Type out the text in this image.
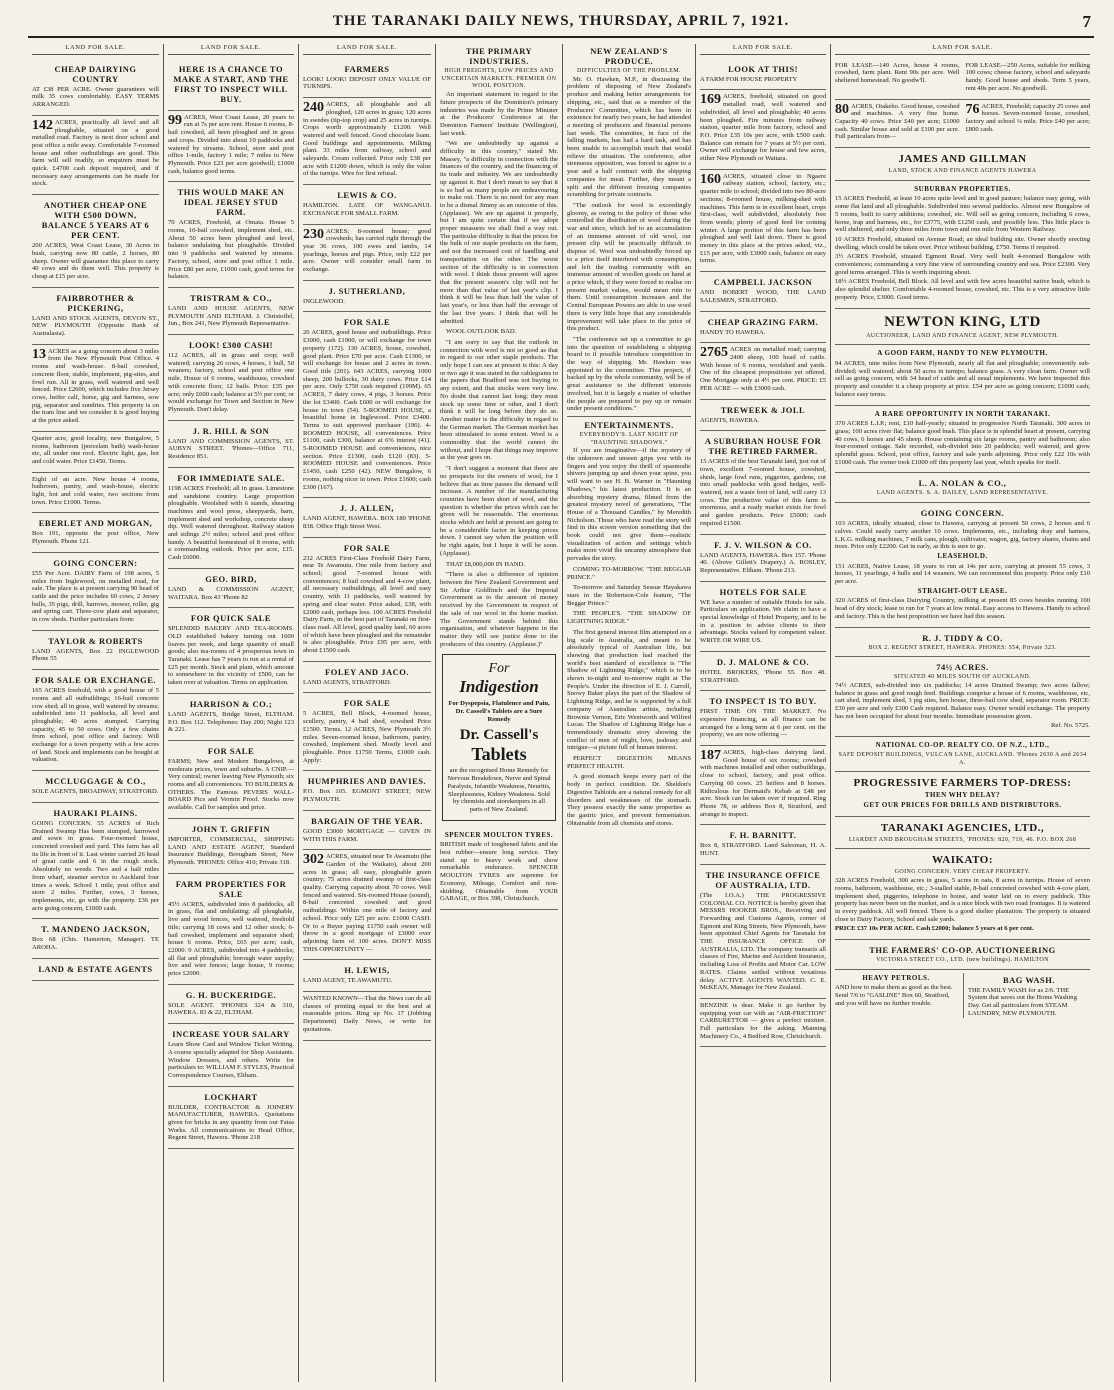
THE TARANAKI DAILY NEWS, THURSDAY, APRIL 7, 1921.	7
LAND FOR SALE.
CHEAP DAIRYING COUNTRY

AT £38 PER ACRE. Owner guarantees will milk 35 cows comfortably. EASY TERMS ARRANGED.

142 ACRES, practically all level and all ploughable, situated on a good metalled road. Factory is next door school and post office a mile away. Comfortable 7-roomed house and other outbuildings are good. This farm will sell readily, so enquirers must be quick. £4700 cash deposit required, and if necessary easy arrangements can be made for stock.

ANOTHER CHEAP ONE WITH £500 DOWN, BALANCE 5 YEARS AT 6 PER CENT.

200 ACRES, West Coast Lease, 30 Acres in bush, carrying now 80 cattle, 2 horses, 80 sheep. Owner will guarantee this place to carry 40 cows and do them well. This property is cheap at £15 per acre.

FAIRBROTHER & PICKERING,

LAND AND STOCK AGENTS, DEVON ST., NEW PLYMOUTH (Opposite Bank of Australasia).

13 ACRES as a going concern about 3 miles from the New Plymouth Post Office. 4 rooms and wash-house. 8-bail cowshed, concrete floor, stable, implement, pig-sties, and fowl run. All in grass, well watered and well fenced. Price £2600, which includes five Jersey cows, heifer calf, horse, gig and harness, sow pig, separator and sundries. This property is on the tram line and we consider it is good buying at the price asked.

Quarter acre, good locality, new Bungalow, 5 rooms, bathroom (porcelain bath) wash-house etc, all under one roof. Electric light, gas, hot and cold water. Price £1450. Terms.

Eight of an acre. New house 4 rooms, bathroom, pantry, and wash-house, electric light, hot and cold water, two sections from town. Price £1000. Terms.

EBERLET AND MORGAN,

Box 191, opposite the post office, New Plymouth. Phone 121.

GOING CONCERN:

£55 Per Acre. DAIRY Farm of 198 acres, 5 miles from Inglewood, on metalled road, for sale. The place is at present carrying 90 head of cattle and the price includes 60 cows, 2 Jersey bulls, 35 pigs, drill, harrows, mower, roller, gig and spring cart. Three-cow plant and separator, in cow sheds. Further particulars from:

TAYLOR & ROBERTS

LAND AGENTS, Box 22 INGLEWOOD Phone 55

FOR SALE OR EXCHANGE.

165 ACRES freehold, with a good house of 5 rooms and all outbuildings; 16-bail concrete cow shed; all in grass, well watered by streams; subdivided into 11 paddocks, all level and ploughable; 40 acres stumped. Carrying capacity, 45 to 50 cows. Only a few chains from school, post office and factory. Will exchange for a town property with a few acres of land. Stock and implements can be bought at valuation.

MCCLUGGAGE & CO.,

SOLE AGENTS, BROADWAY, STRATFORD.

HAURAKI PLAINS.

GOING CONCERN. 55 ACRES of Rich Drained Swamp Has been stumped, harrowed and sown in grass. Four-roomed house, concreted cowshed and yard. This farm has all its life in front of it. Last winter carried 26 head of great cattle and 6 in the rough stock. Absolutely no weeds. Two and a half miles from wharf, steamer service to Auckland four times a week. School 1 mile, post office and store 2 miles. Further, cows, 3 horses, implements, etc, go with the property. £36 per acre going concern, £1000 cash.

T. MANDENO JACKSON,

Box 68 (Chis. Hamerton, Manager). TE AROHA.

LAND & ESTATE AGENTS

LAND FOR SALE.
HERE IS A CHANCE TO MAKE A START, AND THE FIRST TO INSPECT WILL BUY.

99 ACRES, West Coast Lease, 20 years to run at 7s per acre rent. House 6 rooms, 8-bail cowshed, all been ploughed and in grass and crops. Divided into about 10 paddocks and watered by streams. School, store and post office 1-mile, factory 1 mile; 7 miles to New Plymouth. Price £23 per acre goodwill; £1000 cash, balance good terms.

THIS WOULD MAKE AN IDEAL JERSEY STUD FARM.

70 ACRES, Freehold, at Omata. House 5 rooms, 10-bail cowshed, implement shed, etc. About 50 acres been ploughed and level, balance undulating but ploughable. Divided into 9 paddocks and watered by streams. Factory, school, store and post office 1 mile. Price £80 per acre, £1000 cash, good terms for balance.

TRISTRAM & CO.,

LAND AND HOUSE AGENTS, NEW PLYMOUTH AND ELTHAM. J. Christoffel, Jun., Box 241, New Plymouth Representative.

LOOK! £300 CASH!

112 ACRES, all in grass and crop; well watered; carrying 26 cows, 4 horses, 1 bull, 50 weaners; factory, school and post office one mile. House of 6 rooms, washhouse, cowshed with concrete floor, 12 bails. Price: £35 per acre; only £600 cash; balance at 5½ per cent; or would exchange for Town and Section in New Plymouth. Don't delay.

J. R. HILL & SON

LAND AND COMMISSION AGENTS, ST. AUBYN STREET. 'Phones—Office 711, Residence 851.

FOR IMMEDIATE SALE.

1198 ACRES Freehold; all in grass. Limestone and sandstone country. Large proportion ploughable. Woolshed with 6 stands, shearing machines and wool press, sheepyards, barn, implement shed and workshop, concrete sheep dip. Well watered throughout. Railway station and sidings 2½ miles; school and post office handy. A beautiful homestead of 8 rooms, with a commanding outlook. Price per acre, £15. Cash £6000.

GEO. BIRD,

LAND & COMMISSION AGENT, WAITARA. Box 43 'Phone 82

FOR QUICK SALE

SPLENDID BAKERY AND TEA-ROOMS. OLD established bakery turning out 1600 loaves per week, and large quantity of small goods; also tea-rooms of 4 prosperous town in Taranaki. Lease has 7 years to run at a rental of £25 per month. Stock and plant, which amount to somewhere in the vicinity of £500, can be taken over at valuation. Terms on application.

HARRISON & CO.;

LAND AGENTS, Bridge Street, ELTHAM. P.O. Box 112. Telephones: Day 200; Night 123 & 221.

FOR SALE

FARMS; New and Modern Bungalows, at moderate prices, town and suburbs. A CNIP.—Very central; owner leaving New Plymouth; six rooms and all conveniences. TO BUILDERS & OTHERS. The Famous PEVERS WALL-BOARD Pics and Vermin Proof. Stocks now available. Call for samples and price.

JOHN T. GRIFFIN

IMPORTER, COMMERCIAL, SHIPPING LAND AND ESTATE AGENT, Standard Insurance Buildings, Brougham Street, New Plymouth. 'PHONES: Office 410; Private 318.

FARM PROPERTIES FOR SALE

45½ ACRES, subdivided into 8 paddocks, all in grass, flat and undulating; all ploughable, live and wood fences, well watered, freehold title; carrying 18 cows and 12 other stock; 6-bail cowshed, implement and separator shed; house 6 rooms. Price, £65 per acre; cash, £2000. 9 ACRES, subdivided into 4 paddocks; all flat and ploughable; borough water supply; live and wire fences; large house, 9 rooms; price £2000.

G. H. BUCKERIDGE.

SOLE AGENT. 'PHONES 324 & 310, HAWERA. 83 & 22, ELTHAM.

INCREASE YOUR SALARY

Learn Show Card and Window Ticket Writing. A course specially adapted for Shop Assistants. Window Dressers, and others. Write for particulars to: WILLIAM F. STYLES, Practical Correspondence Courses, Eltham.

LOCKHART

BUILDER, CONTRACTOR & JOINERY MANUFACTURER, HAWERA. Quotations given for bricks in any quantity from our Fatsa Works. All communications to Head Office, Regent Street, Hawera. 'Phone 218

LAND FOR SALE.
FARMERS

LOOK! LOOK! DEPOSIT ONLY VALUE OF TURNIPS.

240 ACRES, all ploughable and all ploughed, 120 acres in grass; 120 acres in swedes (tip-top crop) and 25 acres in turnips. Crops worth approximately £1200. Well watered and well fenced. Good chocolate loam. Good buildings and appointments. Milking plant. 33 miles from railway, school and saleyards. Cream collected. Price only £38 per acre with £1200 down, which is only the value of the turnips. Wire for first refusal.

LEWIS & CO.

HAMILTON. LATE OF WANGANUI. EXCHANGE FOR SMALL FARM.

230 ACRES; 8-roomed house; good cowsheds; has carried right through the year 36 cows, 100 ewes and lambs, 14 yearlings, horses and pigs. Price, only £22 per acre. Owner will consider small farm in exchange.

J. SUTHERLAND,

INGLEWOOD.

FOR SALE

26 ACRES, good house and outbuildings. Price £3000, cash £1900, or will exchange for town property (172). 130 ACRES, house, cowshed, good plant. Price £70 per acre. Cash £1300, or will exchange for house and 2 acres in town. Good title (201). 643 ACRES, carrying 1000 sheep, 200 bullocks, 30 dairy cows. Price £14 per acre. Only £750 cash required (199M). 65 ACRES, 7 dairy cows, 4 pigs, 3 horses. Price the lot £3400. Cash £600 or will exchange for house in town (54). 5-ROOMED HOUSE, a beautiful home in Inglewood. Price £3400. Terms to suit approved purchaser (196). 4-ROOMED HOUSE, all conveniences. Price £1100, cash £300, balance at 6% interest (41). 5-ROOMED HOUSE and conveniences, nice section. Price £1300, cash £120 (83). 5-ROOMED HOUSE and conveniences. Price £1450, cash £250 (42). NEW Bungalow, 6 rooms, nothing nicer in town. Price £1600; cash £300 (167).

J. J. ALLEN,

LAND AGENT, HAWERA. BOX 180 'PHONE 838. Office High Street West.

FOR SALE

232 ACRES First-Class Freehold Dairy Farm, near Te Awamutu. One mile from factory and school; good 7-roomed house with conveniences; 8 bail cowshed and 4-cow plant, all necessary outbuildings, all level and easy country, with 11 paddocks, well watered by spring and clear water. Price asked, £38, with £2000 cash, perhaps less. 100 ACRES Freehold Dairy Farm, in the best part of Taranaki on first-class road. All level, good quality land, 60 acres of which have been ploughed and the remainder is also ploughable. Price £95 per acre, with about £1500 cash.

FOLEY AND JACO.

LAND AGENTS, STRATFORD.

FOR SALE

5 ACRES, Bell Block, 4-roomed house, scullery, pantry, 4 bail shed, cowshed Price £1500. Terms. 12 ACRES, New Plymouth 3½ miles. Seven-roomed house, bathroom, pantry, cowshed, implement shed. Mostly level and ploughable. Price £1750 Terms, £1000 cash. Apply:

HUMPHRIES AND DAVIES.

P.O. Box 105. EGMONT STREET, NEW PLYMOUTH.

BARGAIN OF THE YEAR.

GOOD £3000 MORTGAGE — GIVEN IN WITH THIS FARM.

302 ACRES, situated near Te Awamutu (the Garden of the Waikato), about 200 acres in grass; all easy, ploughable green country; 75 acres drained swamp of first-class quality. Carrying capacity about 70 cows. Well fenced and watered. Six-roomed House (sound), 8-bail concreted cowshed and good outbuildings. Within one mile of factory and school. Price only £25 per acre. £1000 CASH. Or to a Buyer paying £1750 cash owner will throw in a good mortgage of £3000 over adjoining farm of 100 acres. DON'T MISS THIS OPPORTUNITY —

H. LEWIS,

LAND AGENT, TE AWAMUTU.

WANTED KNOWN—That the News can do all classes of printing equal to the best and at reasonable prices. Ring up No. 17 (Jobbing Department) Daily News, or write for quotations.

THE PRIMARY INDUSTRIES.
HIGH FREIGHTS, LOW PRICES AND UNCERTAIN MARKETS. PREMIER ON WOOL POSITION.

An important statement in regard to the future prospects of the Dominion's primary industries was made by the Prime Minister at the Producers' Conference at the Dominion Farmers' Institute (Wellington), last week.

"We are undoubtedly up against a difficulty in this country," stated Mr. Massey, "a difficulty in connection with the finances of the country, and the financing of its trade and industry. We are undoubtedly up against it. But I don't mean to say that it is so bad as many people are endeavouring to make out. There is no need for any man to be a dismal Jimmy as an outcome of this. (Applause). We are up against it properly, but I am quite certain that if we adopt proper measures we shall find a way out. The particular difficulty is that the prices for the bulk of our staple products on the farm, and not the increased cost of handling and transportation on the other. The worst section of the difficulty is in connection with wool. I think those present will agree that the present season's clip will not be more than that value of last year's clip. I think it will be less than half the value of last year's, or less than half the average of the last five years. I think that will be admitted.

WOOL OUTLOOK BAD.

"I am sorry to say that the outlook in connection with wool is not so good as that in regard to our other staple products. The only hope I can see at present is this: A day or two ago it was stated in the cablegrams to the papers that Bradford was not buying to any extent, and that stocks were very low. No doubt that cannot last long; they must stock up some time or other, and I don't think it will be long before they do so. Another matter is the difficulty in regard to the German market. The German market has been stimulated to some extent. Wool is a commodity that the world cannot do without, and I hope that things may improve as the year goes on.

"I don't suggest a moment that there are no prospects for the owners of wool, for I believe that as time passes the demand will increase. A number of the manufacturing countries have been short of wool, and the question is whether the prices which can be given will be reasonable. The enormous stocks which are held at present are going to be a considerable factor in keeping prices down. I cannot say when the position will be right again, but I hope it will be soon. (Applause).

THAT £8,000,000 IN HAND.

"There is also a difference of opinion between the New Zealand Government and Sir Arthur Goldfinch and the Imperial Government as to the amount of money received by the Government in respect of the sale of our wool in the home market. The Government stands behind this organisation, and whatever happens in the matter they will see justice done to the producers of this country. (Applause.)"

For
Indigestion
For Dyspepsia, Flatulence and Pain, Dr. Cassell's Tablets are a Sure Remedy
Dr. Cassell's
Tablets
are the recognised Home Remedy for Nervous Breakdown, Nerve and Spinal Paralysis, Infantile Weakness, Neuritis, Sleeplessness, Kidney Weakness. Sold by chemists and storekeepers in all parts of New Zealand.
SPENCER MOULTON TYRES.

BRITISH made of toughened fabric and the best rubber—ensure long service. They stand up to heavy work and show remarkable endurance. SPENCER MOULTON TYRES are supreme for Economy, Mileage, Comfort and non-skidding. Obtainable from YOUR GARAGE, or Box 398, Christchurch.

NEW ZEALAND'S PRODUCE.
DIFFICULTIES OF THE PROBLEM.

Mr. O. Hawken, M.P., in discussing the problem of disposing of New Zealand's produce and making better arrangements for shipping, etc., said that as a member of the Producers' Committee, which has been in existence for nearly two years, he had attended a meeting of producers and financial persons last week. The committee, in face of the falling markets, has had a hard task, and has been unable to accomplish much that would relieve the situation. The conference, after strenuous opposition, was forced to agree to a year and a half contract with the shipping companies for meat. Further, they meant a split and the different freezing companies scrambling for private contracts.

"The outlook for wool is exceedingly gloomy, as owing to the policy of those who controlled the distribution of wool during the war and since, which led to an accumulation of an immense amount of old wool, our present clip will be practically difficult to dispose of. Wool was undoubtedly forced up to a price itself interfered with consumption, and left the trading community with an immense amount of woollen goods on hand at a price which, if they were forced to realise on present market values, would mean ruin to them. Until consumption increases and the Central European Powers are able to use wool there is very little hope that any considerable improvement will take place in the price of this product.

"The conference set up a committee to go into the question of establishing a shipping board to if possible introduce competition in the way of shipping. Mr. Hawken was appointed to the committee. This project, if backed up by the whole community, will be of great assistance to the different interests involved, but it is largely a matter of whether the people are prepared to pay up or remain under present conditions."

ENTERTAINMENTS.
EVERYBODY'S. LAST NIGHT OF "HAUNTING SHADOWS."

If you are imaginative—if the mystery of the unknown and unseen grips you with its fingers and you enjoy the thrill of spasmodic shivers jumping up and down your spine, you will want to see H. B. Warner in "Haunting Shadows," his latest production. It is an absorbing mystery drama, filmed from the greatest mystery novel of generations, "The House of a Thousand Candles," by Meredith Nicholson. Those who have read the story will find in this screen version something that the book could not give them—realistic visualization of action and settings which make more vivid the uncanny atmosphere that pervades the story.

COMING TO-MORROW. "THE BEGGAR PRINCE."

To-morrow and Saturday Sessue Hayakawa stars in the Robertson-Cole feature, "The Beggar Prince."

THE PEOPLE'S. "THE SHADOW OF LIGHTNING RIDGE."

The first general interest film attempted on a big scale in Australia, and meant to be absolutely typical of Australian life, but showing that production had reached the world's best standard of excellence is "The Shadow of Lightning Ridge," which is to be shown to-night and to-morrow night at The People's. Under the direction of E. J. Carroll, Snowy Baker plays the part of the Shadow of Lightning Ridge, and he is supported by a full company of Australian artists, including Brownie Vernon, Eric Wentworth and Wilfred Lucas. The Shadow of Lightning Ridge has a tremendously dramatic story showing the conflict of men of might, love, jealousy and intrigue—a picture full of human interest.

PERFECT DIGESTION MEANS PERFECT HEALTH.

A good stomach keeps every part of the body in perfect condition. Dr. Sheldon's Digestive Tabloids are a natural remedy for all disorders and weaknesses of the stomach. They possess exactly the same properties as the gastric juice, and prevent fermentation. Obtainable from all chemists and stores.

LAND FOR SALE.
LOOK AT THIS!

A FARM FOR HOUSE PROPERTY

169 ACRES, freehold, situated on good metalled road, well watered and subdivided, all level and ploughable; 40 acres been ploughed. Fire minutes from railway station, quarter mile from factory, school and P.O. Price £35 10s per acre, with £500 cash. Balance can remain for 7 years at 5½ per cent. Owner will exchange for house and few acres, either New Plymouth or Waitara.

160 ACRES, situated close to Ngaere railway station, school, factory, etc.; quarter mile to school; divided into two 80-acre sections; 8-roomed house, milking-shed with machines. This farm is in excellent heart, crops first-class, well subdivided, absolutely free from weeds; plenty of good feed for coming winter. A large portion of this farm has been ploughed and well laid down. There is good money in this place at the prices asked, viz., £15 per acre, with £3000 cash, balance on easy terms.

CAMPBELL JACKSON

AND ROBERT WOOD, THE LAND SALESMEN, STRATFORD.

CHEAP GRAZING FARM.

HANDY TO HAWERA.

2765 ACRES on metalled road; carrying 2400 sheep, 100 head of cattle. With house of 6 rooms, woolshed and yards. One of the cheapest propositions yet offered. One Mortgage only at 4½ per cent. PRICE: £5 PER ACRE — with £3000 cash.

TREWEEK & JOLL

AGENTS, HAWERA.

A SUBURBAN HOUSE FOR THE RETIRED FARMER.

15 ACRES of the best Taranaki land, just out of town, excellent 7-roomed house, cowshed, sheds, large fowl runs, piggeries, gardens, cut into small paddocks with good hedges, well-watered, not a waste foot of land, will carry 13 cows. The productive value of this farm is enormous, and a ready market exists for fowl and garden products. Price £5000; cash required £1500.

F. J. V. WILSON & CO.

LAND AGENTS, HAWERA. Box 157. 'Phone 40. (Above Gillett's Drapery.) A. ROSLEY, Representative. Eltham. 'Phone 213.

HOTELS FOR SALE

WE have a number of suitable Hotels for sale. Particulars on application. We claim to have a special knowledge of Hotel Property, and to be in a position to advise clients to their advantage. Stocks valued by competent valuer. WRITE OR WIRE US.

D. J. MALONE & CO.

HOTEL BROKERS, 'Phone 55. Box 48. STRATFORD.

TO INSPECT IS TO BUY.

FIRST TIME ON THE MARKET. No expensive financing, as all finance can be arranged for a long term at 6 per cent. on the property; we are now offering —

187 ACRES, high-class dairying land. Good house of six rooms; cowshed with machines installed and other outbuildings, close to school, factory, and post office. Carrying 60 cows. 25 heifers and 8 horses. Ridiculous for Dermaid's Kebab at £48 per acre. Stock can be taken over if required. Ring Phone 78, or address Box 8, Stratford, and arrange to inspect.

F. H. BARNITT.

Box 8, STRATFORD. Land Salesman, H. A. HUNT.

THE INSURANCE OFFICE OF AUSTRALIA, LTD.

(The I.O.A.) THE PROGRESSIVE COLONIAL CO. NOTICE is hereby given that MESSRS HOOKER BROS., Receiving and Forwarding and Customs Agents, corner of Egmont and King Streets, New Plymouth, have been appointed Chief Agents for Taranaki for THE INSURANCE OFFICE OF AUSTRALIA, LTD. The company transacts all classes of Fire, Marine and Accident Insurance, including Loss of Profits and Motor Car. LOW RATES. Claims settled without vexatious delay. ACTIVE AGENTS WANTED. C. E. McKEAN, Manager for New Zealand.

BENZINE is dear. Make it go further by equipping your car with an "AIR-FRICTION" CARBURETTOR — gives a perfect mixture. Full particulars for the asking. Manning Machinery Co., 4 Bedford Row, Christchurch.

LAND FOR SALE.

FOR LEASE—149 Acres, house 4 rooms, cowshed, farm plant. Rent 90s per acre. Well sheltered homestead. No goodw'll.

FOR LEASE—250 Acres, suitable for milking 100 cows; cheese factory, school and saleyards handy. Good house and sheds. Term 5 years, rent 40s per acre. No goodwill.

80 ACRES, Otakeho. Good house, cowshed and machines. A very fine home. Capacity 40 cows. Price £40 per acre; £1000 cash. Similar house and sold at £100 per acre. Full particulars from—

76 ACRES, Freehold; capacity 25 cows and horses. Seven-roomed house, cowshed, factory and school ¼ mile. Price £40 per acre; £800 cash.

JAMES AND GILLMAN
LAND, STOCK AND FINANCE AGENTS HAWERA
SUBURBAN PROPERTIES.

15 ACRES Freehold, at least 10 acres quite level and in good pasture; balance easy going, with some flat land and all ploughable. Subdivided into several paddocks. Almost new Bungalow of 5 rooms, built to carry additions; cowshed, etc. Will sell as going concern, including 6 cows, horse, trap and harness, etc., for £3775, with £1250 cash, and possibly less. This little place is well sheltered, and only three miles from town and one mile from Western Railway.

10 ACRES Freehold, situated on Avenue Road; an ideal building site. Owner shortly erecting dwelling, which could be taken over. Price without building, £750. Terms if required.

3½ ACRES Freehold, situated Egmont Road. Very well built 4-roomed Bungalow with conveniences; commanding a very fine view of surrounding country and sea. Price £2300. Very good terms arranged. This is worth inquiring about.

18½ ACRES Freehold, Bell Block. All level and with few acres beautiful native bush, which is also splendid shelter. Comfortable 4-roomed house, cowshed, etc. This is a very attractive little property. Price, £3000. Good terms.

NEWTON KING, LTD
AUCTIONEER, LAND AND FINANCE AGENT, NEW PLYMOUTH.
A GOOD FARM, HANDY TO NEW PLYMOUTH.

94 ACRES, nine miles from New Plymouth, nearly all flat and ploughable; conveniently sub-divided; well watered; about 50 acres in turnips; balance grass. A very clean farm. Owner will sell as going concern, with 34 head of cattle and all usual implements. We have inspected this property and consider it a cheap property at price. £54 per acre as going concern; £1000 cash; balance easy terms.

A RARE OPPORTUNITY IN NORTH TARANAKI.

370 ACRES L.I.P.; rent, £10 half-yearly; situated in progressive North Taranaki. 300 acres in grass; 100 acres river flat; balance good bush. This place is in splendid heart at present, carrying 40 cows, 6 horses and 45 sheep. House containing six large rooms, pantry and bathroom; also four-roomed cottage. Sale recorded, sub-divided into 20 paddocks; well watered, and grow splendid grass. School, post office, factory and sale yards adjoining. Price only £22 10s with £1000 cash. The owner took £1000 off this property last year, which speaks for itself.

L. A. NOLAN & CO.,
LAND AGENTS. S. A. DAILEY, LAND REPRESENTATIVE.
GOING CONCERN.

103 ACRES, ideally situated, close to Hawera, carrying at present 50 cows, 2 horses and 6 calves. Could easily carry another 10 cows. Implements, etc., including dray and harness, L.K.G. milking machines, 7 milk cans, plough, cultivator, wagon, gig, factory shares, chains and trees. Price only £2200. Get in early, as this is sure to go.

LEASEHOLD.

151 ACRES, Native Lease, 18 years to run at 14s per acre, carrying at present 55 cows, 3 horses, 11 yearlings, 4 bulls and 14 weaners. We can recommend this property. Price only £10 per acre.

STRAIGHT-OUT LEASE.

320 ACRES of first-class Dairying Country, milking at present 85 cows besides running 100 head of dry stock; lease to run for 7 years at low rental. Easy access to Hawera. Handy to school and factory. This is the best proposition we have had this season.

R. J. TIDDY & CO.
BOX 2. REGENT STREET, HAWERA. PHONES: 554, Private 323.
74½ ACRES.
SITUATED 40 MILES SOUTH OF AUCKLAND.

74½ ACRES, sub-divided into six paddocks; 14 acres Drained Swamp; two acres fallow; balance in grass and good rough feed. Buildings comprise a house of 6 rooms, washhouse, etc, cart shed, implement shed, 3 pig sties, hen house, three-bail cow shed, separator room. PRICE: £30 per acre and only £300 Cash required. Balance easy. Owner would exchange. The property has not been occupied for about four months. Immediate possession given.

Ref. No. 5725.

NATIONAL CO-OP. REALTY CO. OF N.Z., LTD.,
SAFE DEPOSIT BUILDINGS, VULCAN LANE, AUCKLAND. 'Phones 2630 A and 2634 A.
PROGRESSIVE FARMERS TOP-DRESS:
THEN WHY DELAY?
GET OUR PRICES FOR DRILLS AND DISTRIBUTORS.
TARANAKI AGENCIES, LTD.,
LIARDET AND BROUGHAM STREETS, 'PHONES: 820, 719, 46. P.O. BOX 268
WAIKATO:
GOING CONCERN. VERY CHEAP PROPERTY.

328 ACRES Freehold, 300 acres in grass, 5 acres in oats, 8 acres in turnips. House of seven rooms, bathroom, washhouse, etc.; 3-stalled stable, 8-bail concreted cowshed with 4-cow plant, implement shed, piggeries, telephone to house, and water laid on to every paddock. This property has never been on the market, and is a nice block with two road frontages. It is watered in every paddock. All well fenced. There is a good shelter plantation. The property is situated close to Dairy Factory, School and sale yards.

PRICE £37 10s PER ACRE. Cash £2000; balance 5 years at 6 per cent.

THE FARMERS' CO-OP. AUCTIONEERING
VICTORIA STREET CO., LTD. (new buildings). HAMILTON
HEAVY PETROLS.

AND how to make them as good as the best. Send 7/6 to "GASLINE" Box 60, Stratford, and you will have no further trouble.

BAG WASH.

THE FAMILY WASH for as 2/6. THE System that saves out the Home Washing Day. Get all particulars from STEAM LAUNDRY, NEW PLYMOUTH.
